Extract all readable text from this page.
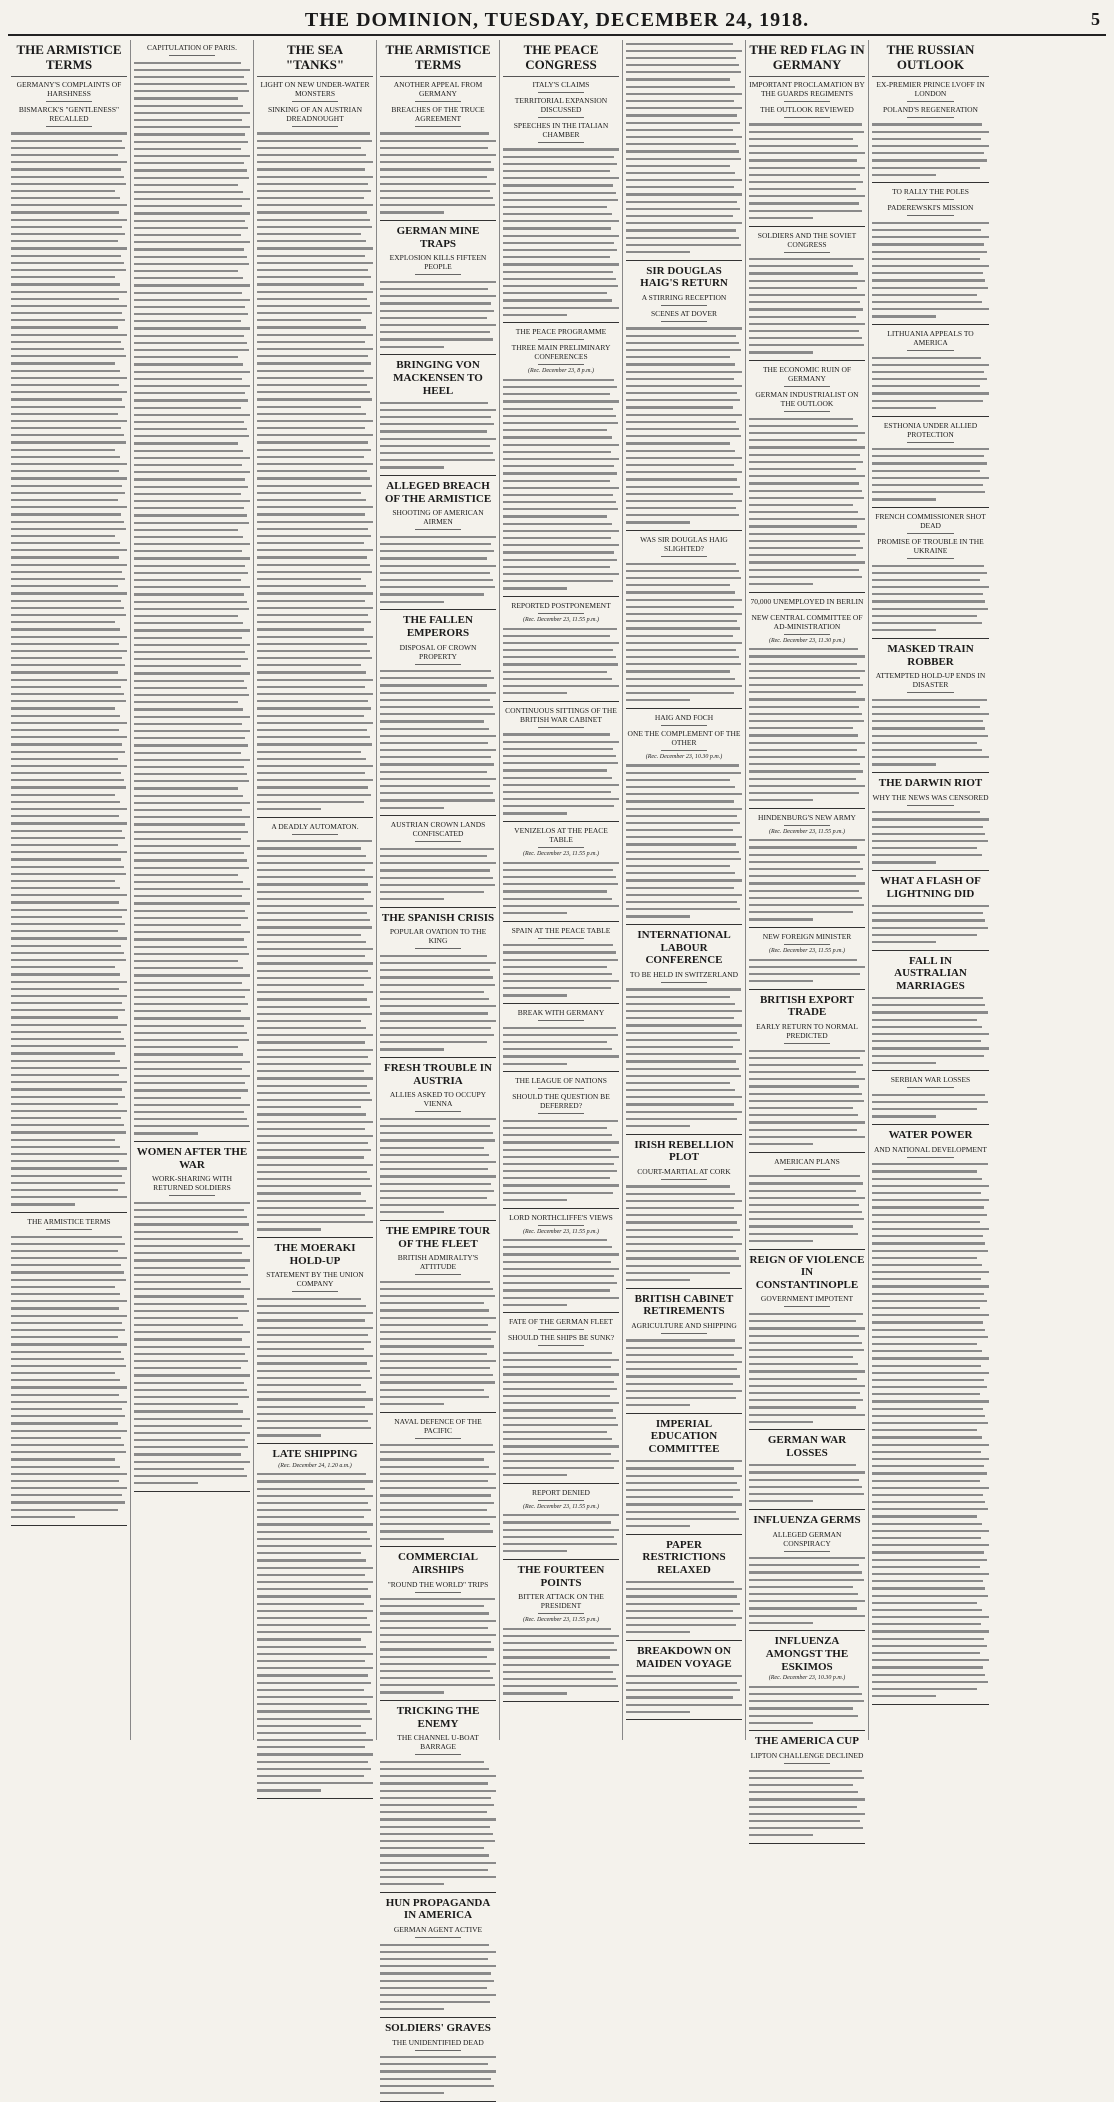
THE DOMINION, TUESDAY, DECEMBER 24, 1918.	5
THE ARMISTICE TERMS
GERMANY'S COMPLAINTS OF HARSHNESS
BISMARCK'S "GENTLENESS" RECALLED
THE ARMISTICE TERMS
CAPITULATION OF PARIS.
WOMEN AFTER THE WAR
WORK-SHARING WITH RETURNED SOLDIERS
THE SEA "TANKS"
LIGHT ON NEW UNDER-WATER MONSTERS
SINKING OF AN AUSTRIAN DREADNOUGHT
A DEADLY AUTOMATON.
THE MOERAKI HOLD-UP
STATEMENT BY THE UNION COMPANY
LATE SHIPPING
(Rec. December 24, 1.20 a.m.)
THE ARMISTICE TERMS
ANOTHER APPEAL FROM GERMANY
BREACHES OF THE TRUCE AGREEMENT
GERMAN MINE TRAPS
EXPLOSION KILLS FIFTEEN PEOPLE
BRINGING VON MACKENSEN TO HEEL
ALLEGED BREACH OF THE ARMISTICE
SHOOTING OF AMERICAN AIRMEN
THE FALLEN EMPERORS
DISPOSAL OF CROWN PROPERTY
AUSTRIAN CROWN LANDS CONFISCATED
THE SPANISH CRISIS
POPULAR OVATION TO THE KING
FRESH TROUBLE IN AUSTRIA
ALLIES ASKED TO OCCUPY VIENNA
THE EMPIRE TOUR OF THE FLEET
BRITISH ADMIRALTY'S ATTITUDE
NAVAL DEFENCE OF THE PACIFIC
COMMERCIAL AIRSHIPS
"ROUND THE WORLD" TRIPS
TRICKING THE ENEMY
THE CHANNEL U-BOAT BARRAGE
HUN PROPAGANDA IN AMERICA
GERMAN AGENT ACTIVE
SOLDIERS' GRAVES
THE UNIDENTIFIED DEAD
THE PEACE CONGRESS
ITALY'S CLAIMS
TERRITORIAL EXPANSION DISCUSSED
SPEECHES IN THE ITALIAN CHAMBER
THE PEACE PROGRAMME
THREE MAIN PRELIMINARY CONFERENCES
(Rec. December 23, 8 p.m.)
REPORTED POSTPONEMENT
(Rec. December 23, 11.55 p.m.)
CONTINUOUS SITTINGS OF THE BRITISH WAR CABINET
VENIZELOS AT THE PEACE TABLE
(Rec. December 23, 11.55 p.m.)
SPAIN AT THE PEACE TABLE
BREAK WITH GERMANY
THE LEAGUE OF NATIONS
SHOULD THE QUESTION BE DEFERRED?
LORD NORTHCLIFFE'S VIEWS
(Rec. December 23, 11.55 p.m.)
FATE OF THE GERMAN FLEET
SHOULD THE SHIPS BE SUNK?
REPORT DENIED
(Rec. December 23, 11.55 p.m.)
THE FOURTEEN POINTS
BITTER ATTACK ON THE PRESIDENT
(Rec. December 23, 11.55 p.m.)
SIR DOUGLAS HAIG'S RETURN
A STIRRING RECEPTION
SCENES AT DOVER
WAS SIR DOUGLAS HAIG SLIGHTED?
HAIG AND FOCH
ONE THE COMPLEMENT OF THE OTHER
(Rec. December 23, 10.30 p.m.)
INTERNATIONAL LABOUR CONFERENCE
TO BE HELD IN SWITZERLAND
IRISH REBELLION PLOT
COURT-MARTIAL AT CORK
BRITISH CABINET RETIREMENTS
AGRICULTURE AND SHIPPING
IMPERIAL EDUCATION COMMITTEE
PAPER RESTRICTIONS RELAXED
BREAKDOWN ON MAIDEN VOYAGE
THE RED FLAG IN GERMANY
IMPORTANT PROCLAMATION BY THE GUARDS REGIMENTS
THE OUTLOOK REVIEWED
SOLDIERS AND THE SOVIET CONGRESS
THE ECONOMIC RUIN OF GERMANY
GERMAN INDUSTRIALIST ON THE OUTLOOK
70,000 UNEMPLOYED IN BERLIN
NEW CENTRAL COMMITTEE OF AD-MINISTRATION
(Rec. December 23, 11.30 p.m.)
HINDENBURG'S NEW ARMY
(Rec. December 23, 11.55 p.m.)
NEW FOREIGN MINISTER
(Rec. December 23, 11.55 p.m.)
BRITISH EXPORT TRADE
EARLY RETURN TO NORMAL PREDICTED
AMERICAN PLANS
REIGN OF VIOLENCE IN CONSTANTINOPLE
GOVERNMENT IMPOTENT
GERMAN WAR LOSSES
INFLUENZA GERMS
ALLEGED GERMAN CONSPIRACY
INFLUENZA AMONGST THE ESKIMOS
(Rec. December 23, 10.30 p.m.)
THE AMERICA CUP
LIPTON CHALLENGE DECLINED
THE RUSSIAN OUTLOOK
EX-PREMIER PRINCE LVOFF IN LONDON
POLAND'S REGENERATION
TO RALLY THE POLES
PADEREWSKI'S MISSION
LITHUANIA APPEALS TO AMERICA
ESTHONIA UNDER ALLIED PROTECTION
FRENCH COMMISSIONER SHOT DEAD
PROMISE OF TROUBLE IN THE UKRAINE
MASKED TRAIN ROBBER
ATTEMPTED HOLD-UP ENDS IN DISASTER
THE DARWIN RIOT
WHY THE NEWS WAS CENSORED
WHAT A FLASH OF LIGHTNING DID
FALL IN AUSTRALIAN MARRIAGES
SERBIAN WAR LOSSES
WATER POWER
AND NATIONAL DEVELOPMENT
